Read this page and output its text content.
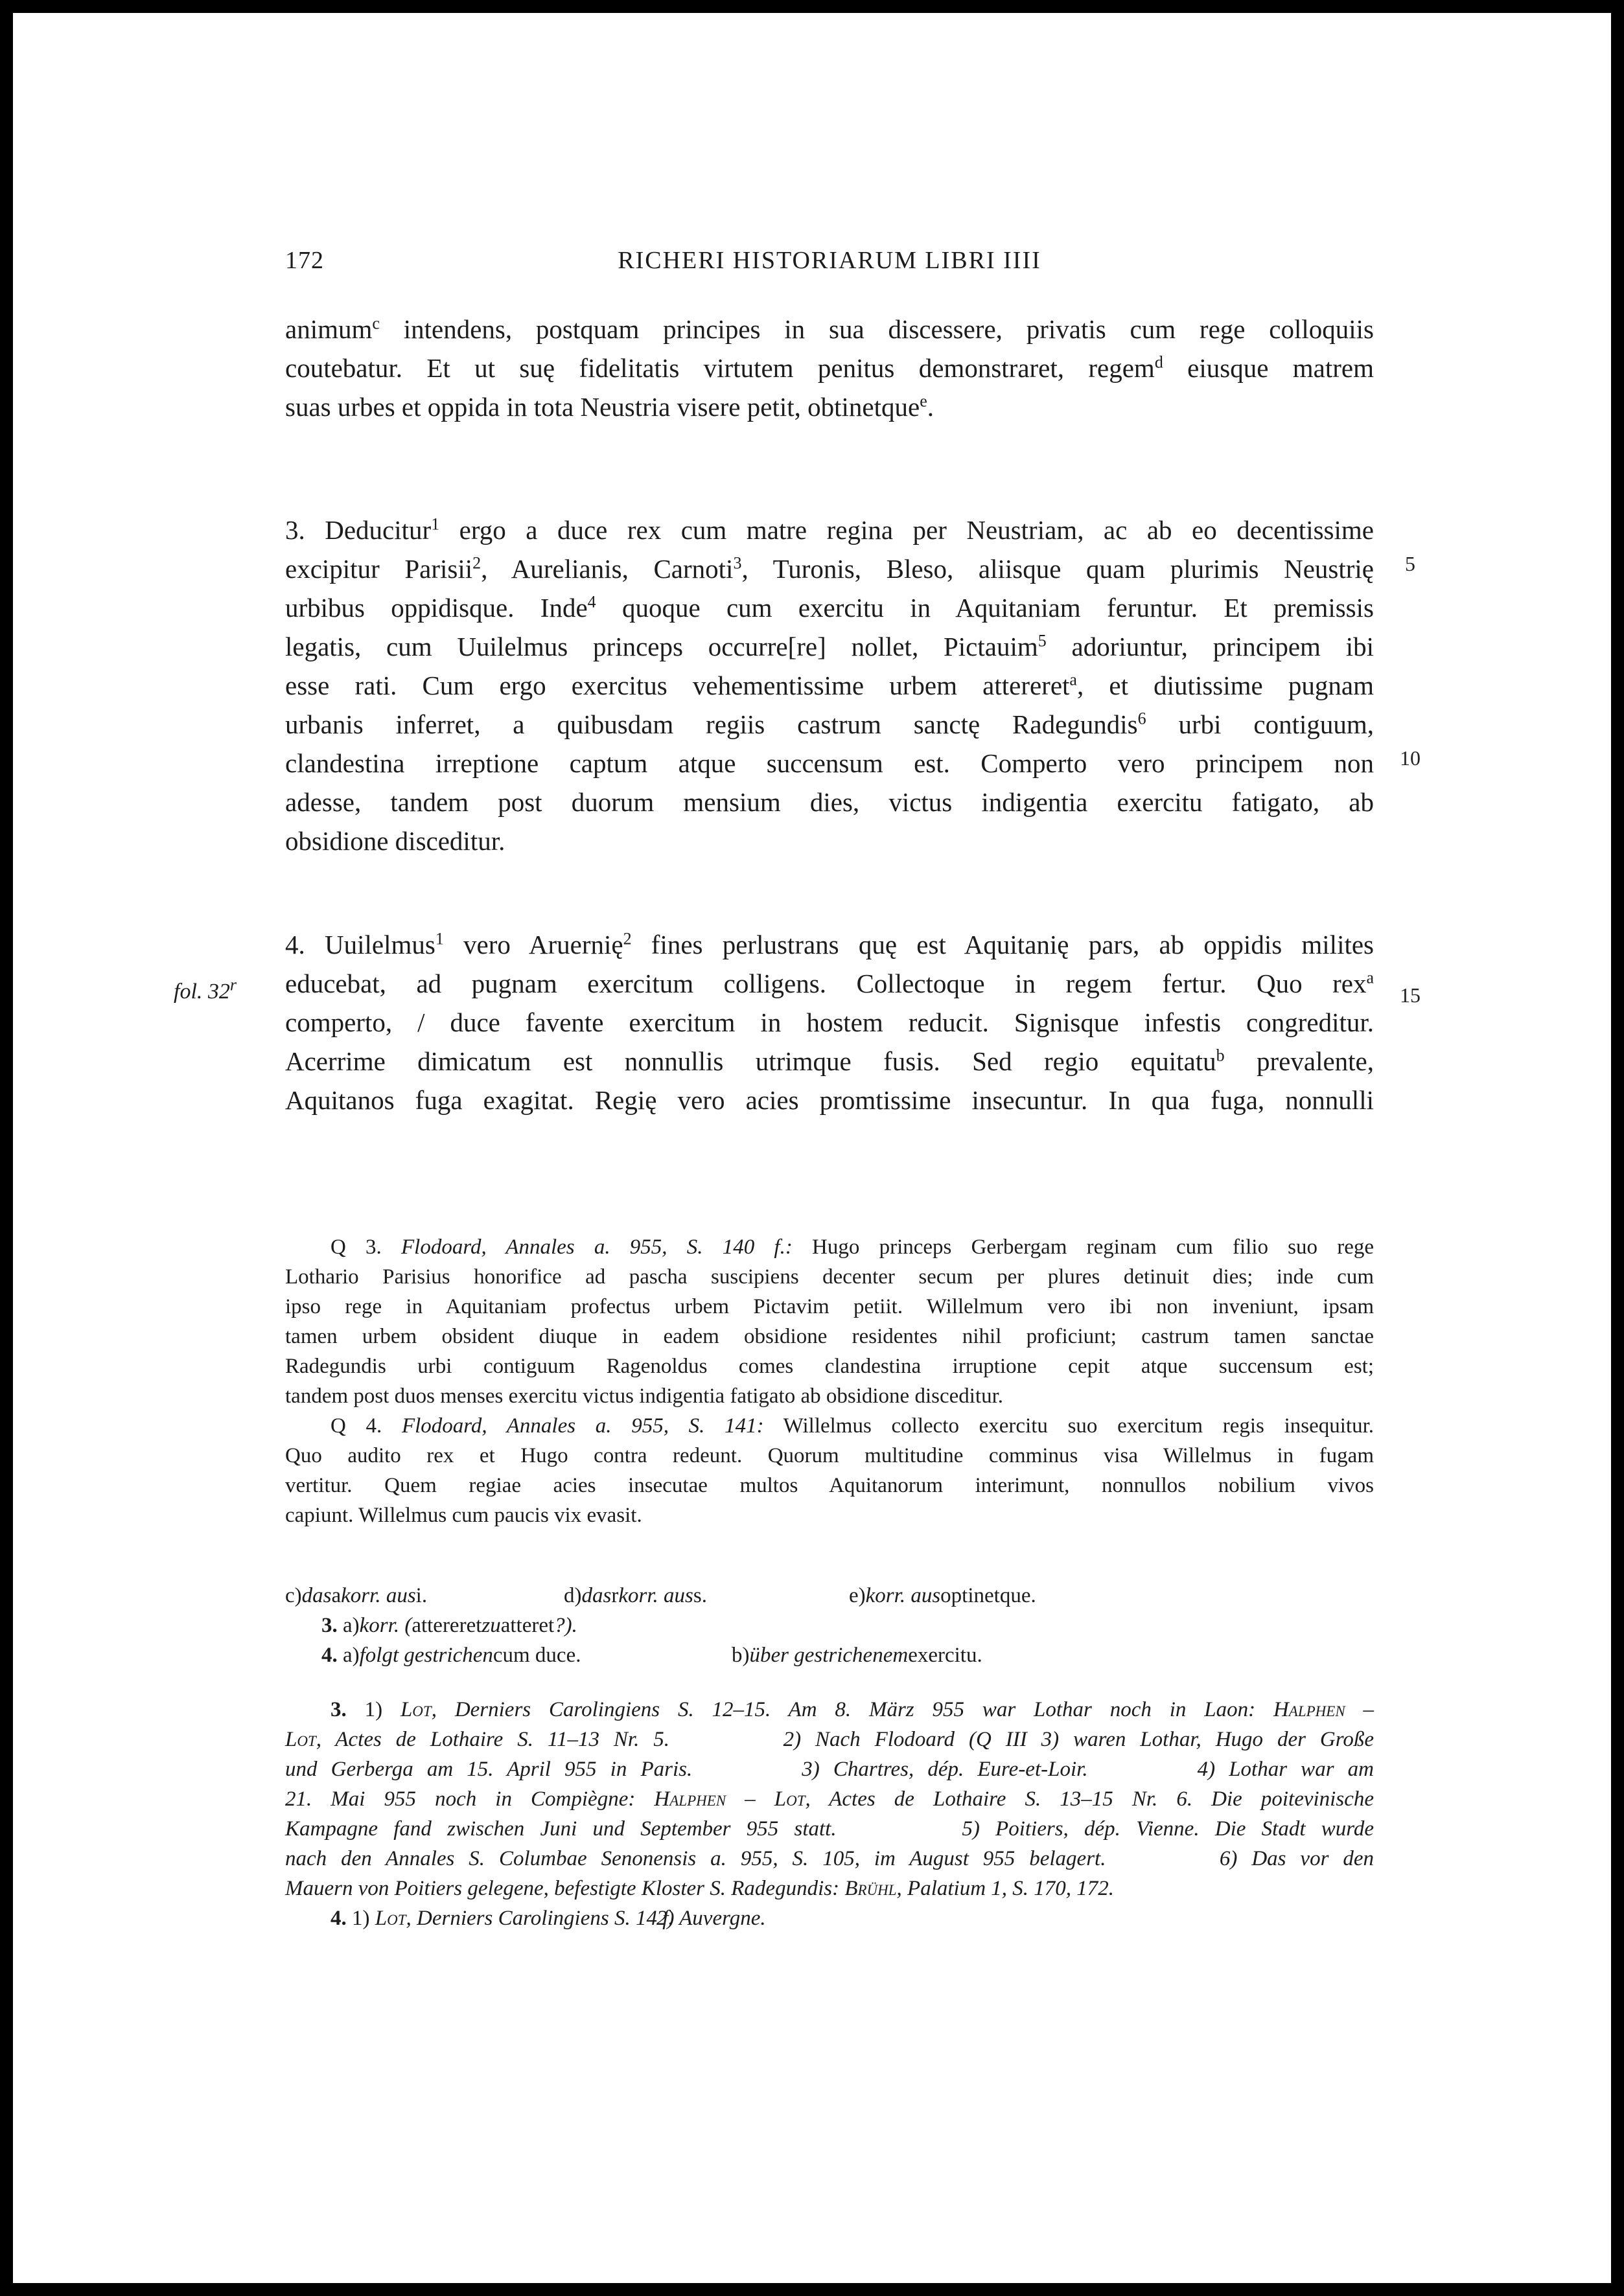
172	RICHERI HISTORIARUM LIBRI IIII
animum$^c$ intendens, postquam principes in sua discessere, privatis cum rege colloquiis
coutebatur. Et ut suę fidelitatis virtutem penitus demonstraret, regem$^d$ eiusque matrem
suas urbes et oppida in tota Neustria visere petit, obtinetque$^e$.
3. Deducitur$^1$ ergo a duce rex cum matre regina per Neustriam, ac ab eo decentissime
excipitur Parisii$^2$, Aurelianis, Carnoti$^3$, Turonis, Bleso, aliisque quam plurimis Neustrię
urbibus oppidisque. Inde$^4$ quoque cum exercitu in Aquitaniam feruntur. Et premissis
legatis, cum Uuilelmus princeps occurre[re] nollet, Pictauim$^5$ adoriuntur, principem ibi
esse rati. Cum ergo exercitus vehementissime urbem attereret$^a$, et diutissime pugnam
urbanis inferret, a quibusdam regiis castrum sanctę Radegundis$^6$ urbi contiguum,
clandestina irreptione captum atque succensum est. Comperto vero principem non
adesse, tandem post duorum mensium dies, victus indigentia exercitu fatigato, ab
obsidione disceditur.
5
10
4. Uuilelmus$^1$ vero Aruernię$^2$ fines perlustrans quę est Aquitanię pars, ab oppidis milites
educebat, ad pugnam exercitum colligens. Collectoque in regem fertur. Quo rex$^a$
comperto, / duce favente exercitum in hostem reducit. Signisque infestis congreditur.
Acerrime dimicatum est nonnullis utrimque fusis. Sed regio equitatu$^b$ prevalente,
Aquitanos fuga exagitat. Regię vero acies promtissime insecuntur. In qua fuga, nonnulli
fol. 32$^r$	15
Q 3. Flodoard, Annales a. 955, S. 140 f.: Hugo princeps Gerbergam reginam cum filio suo rege
Lothario Parisius honorifice ad pascha suscipiens decenter secum per plures detinuit dies; inde cum
ipso rege in Aquitaniam profectus urbem Pictavim petiit. Willelmum vero ibi non inveniunt, ipsam
tamen urbem obsident diuque in eadem obsidione residentes nihil proficiunt; castrum tamen sanctae
Radegundis urbi contiguum Ragenoldus comes clandestina irruptione cepit atque succensum est;
tandem post duos menses exercitu victus indigentia fatigato ab obsidione disceditur.
Q 4. Flodoard, Annales a. 955, S. 141: Willelmus collecto exercitu suo exercitum regis insequitur.
Quo audito rex et Hugo contra redeunt. Quorum multitudine comminus visa Willelmus in fugam
vertitur. Quem regiae acies insecutae multos Aquitanorum interimunt, nonnullos nobilium vivos
capiunt. Willelmus cum paucis vix evasit.
c)dasakorr. ausi.	d)dasrkorr. auss.	e)korr. ausoptinetque.
3. a)korr. (attereretzuatteret?).
4. a)folgt gestrichencum duce.	b)über gestrichenemexercitu.
3. 1) Lot, Derniers Carolingiens S. 12–15. Am 8. März 955 war Lothar noch in Laon: Halphen –
Lot, Actes de Lothaire S. 11–13 Nr. 5.        2) Nach Flodoard (Q III 3) waren Lothar, Hugo der Große
und Gerberga am 15. April 955 in Paris.        3) Chartres, dép. Eure-et-Loir.        4) Lothar war am
21. Mai 955 noch in Compiègne: Halphen – Lot, Actes de Lothaire S. 13–15 Nr. 6. Die poitevinische
Kampagne fand zwischen Juni und September 955 statt.        5) Poitiers, dép. Vienne. Die Stadt wurde
nach den Annales S. Columbae Senonensis a. 955, S. 105, im August 955 belagert.        6) Das vor den
Mauern von Poitiers gelegene, befestigte Kloster S. Radegundis: Brühl, Palatium 1, S. 170, 172.
4. 1) Lot, Derniers Carolingiens S. 14 f.2) Auvergne.
